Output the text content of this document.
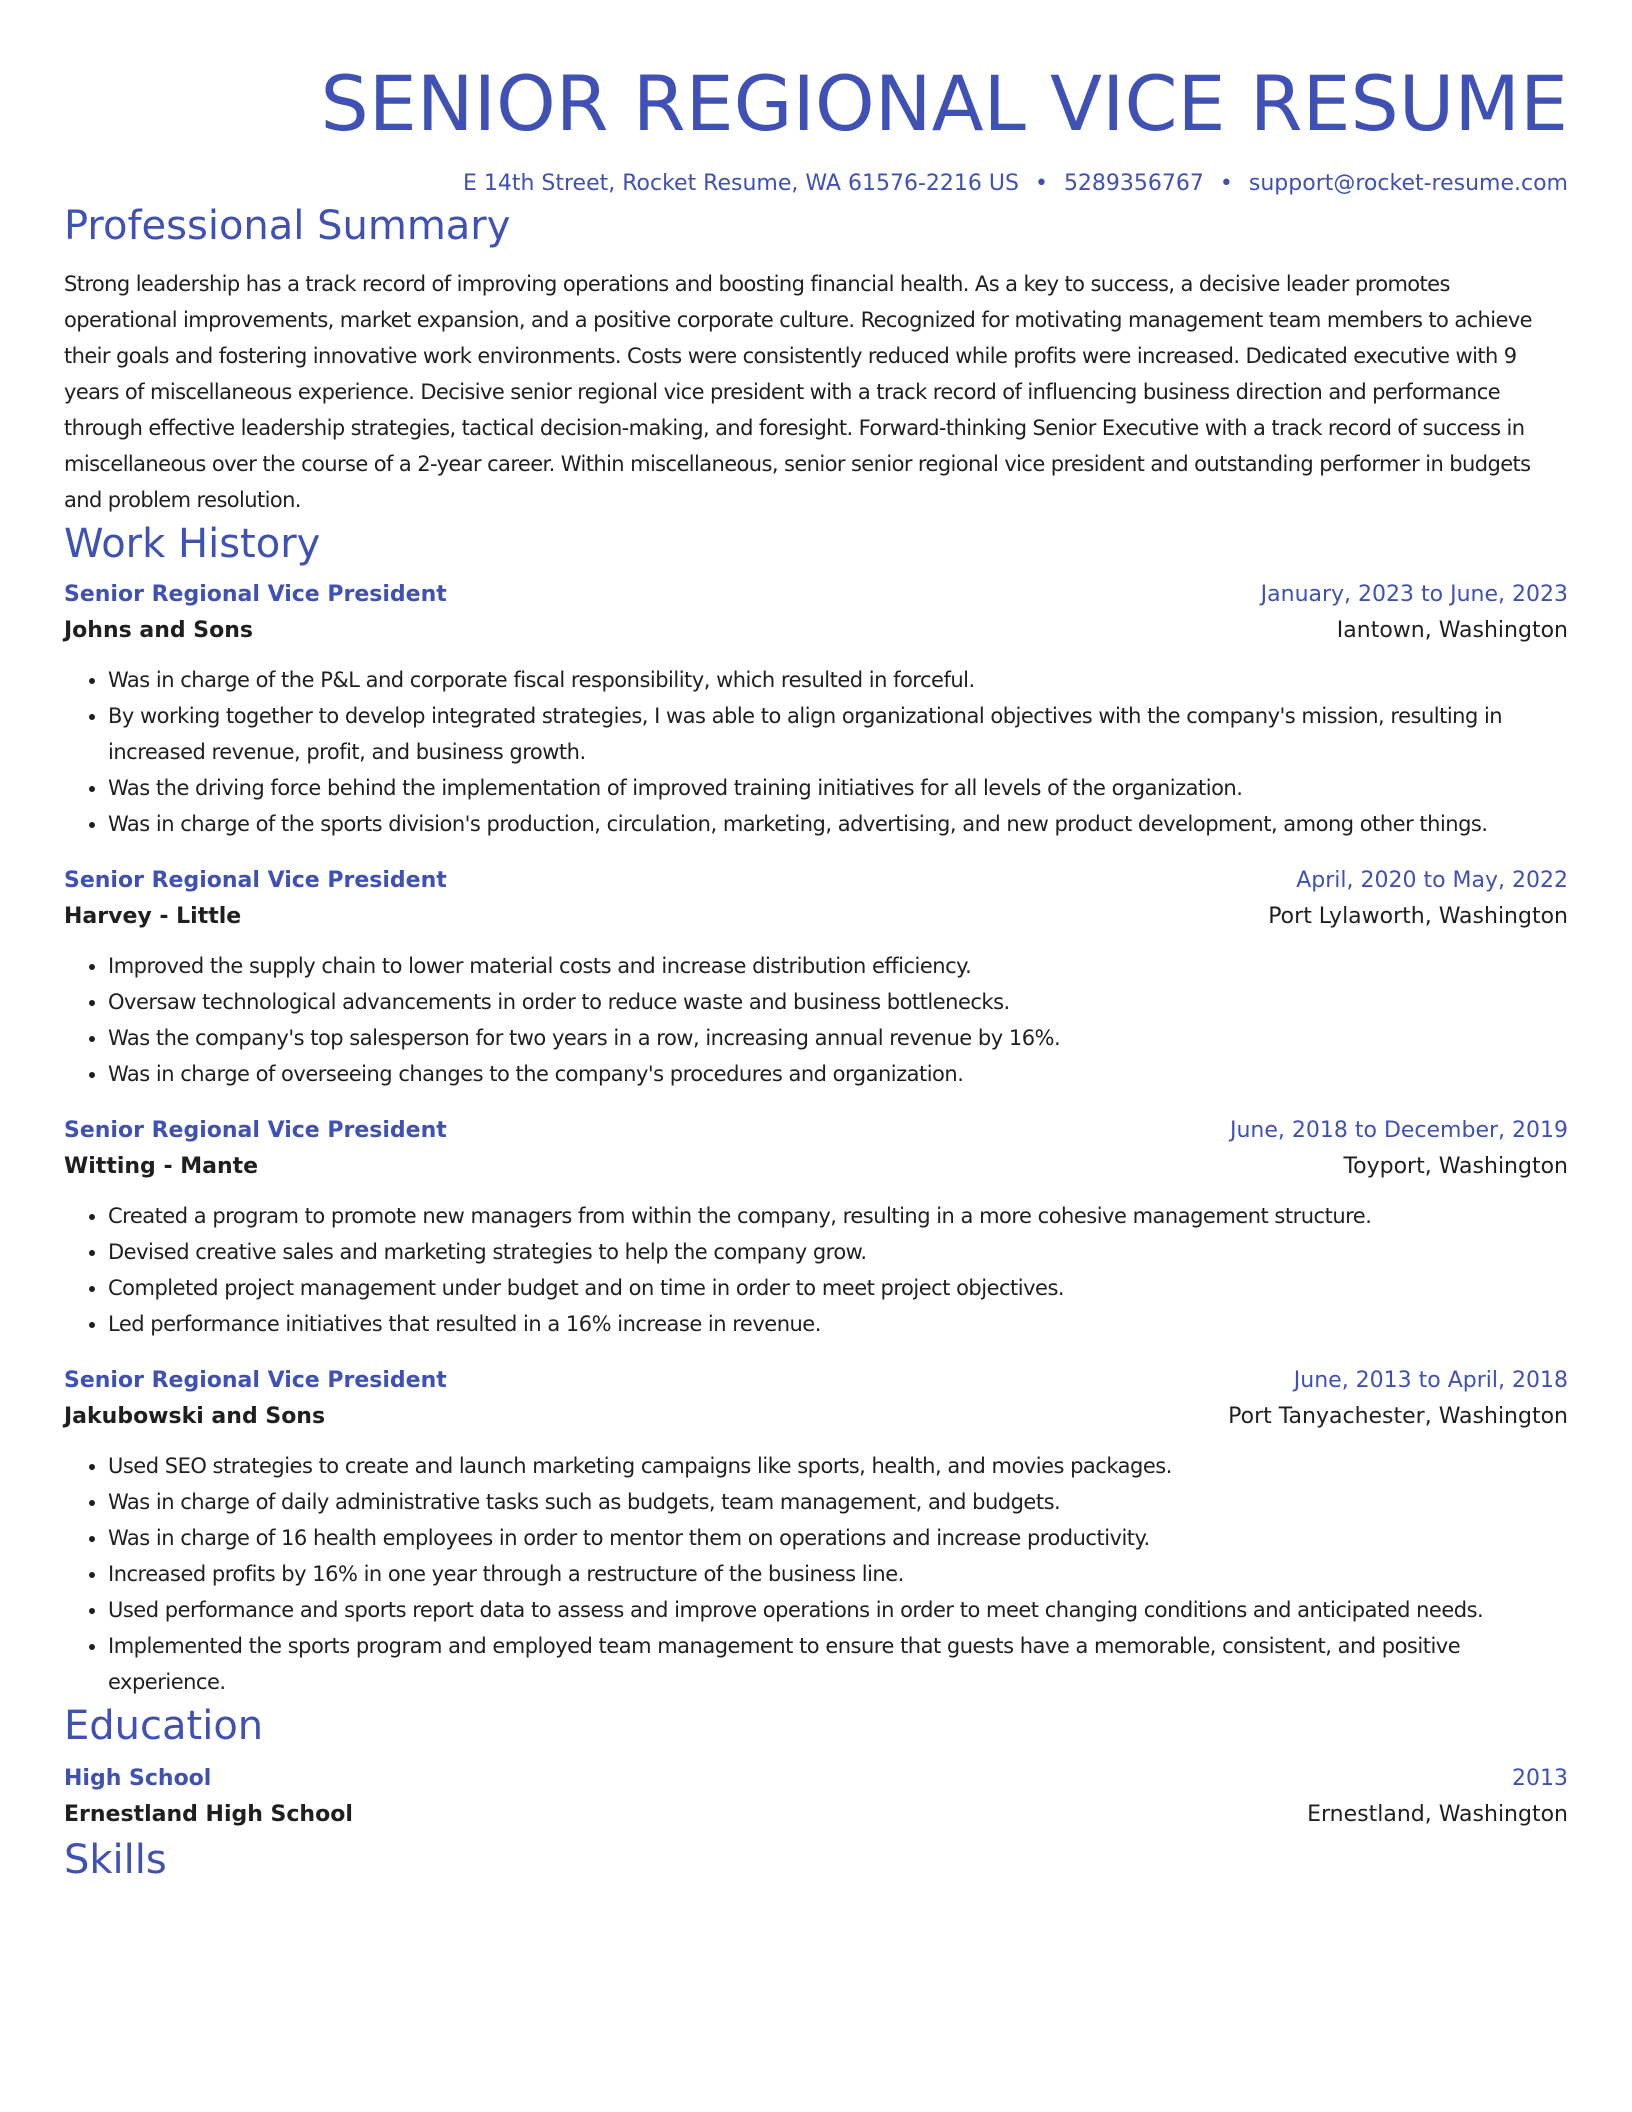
SENIOR REGIONAL VICE RESUME
E 14th Street, Rocket Resume, WA 61576-2216 US • 5289356767 • support@rocket-resume.com
Professional Summary

Strong leadership has a track record of improving operations and boosting financial health. As a key to success, a decisive leader promotes operational improvements, market expansion, and a positive corporate culture. Recognized for motivating management team members to achieve their goals and fostering innovative work environments. Costs were consistently reduced while profits were increased. Dedicated executive with 9 years of miscellaneous experience. Decisive senior regional vice president with a track record of influencing business direction and performance through effective leadership strategies, tactical decision-making, and foresight. Forward-thinking Senior Executive with a track record of success in miscellaneous over the course of a 2-year career. Within miscellaneous, senior senior regional vice president and outstanding performer in budgets and problem resolution.

Work History
Senior Regional Vice President	January, 2023 to June, 2023
Johns and Sons	Iantown, Washington
• Was in charge of the P&L and corporate fiscal responsibility, which resulted in forceful.
• By working together to develop integrated strategies, I was able to align organizational objectives with the company's mission, resulting in increased revenue, profit, and business growth.
• Was the driving force behind the implementation of improved training initiatives for all levels of the organization.
• Was in charge of the sports division's production, circulation, marketing, advertising, and new product development, among other things.
Senior Regional Vice President	April, 2020 to May, 2022
Harvey - Little	Port Lylaworth, Washington
• Improved the supply chain to lower material costs and increase distribution efficiency.
• Oversaw technological advancements in order to reduce waste and business bottlenecks.
• Was the company's top salesperson for two years in a row, increasing annual revenue by 16%.
• Was in charge of overseeing changes to the company's procedures and organization.
Senior Regional Vice President	June, 2018 to December, 2019
Witting - Mante	Toyport, Washington
• Created a program to promote new managers from within the company, resulting in a more cohesive management structure.
• Devised creative sales and marketing strategies to help the company grow.
• Completed project management under budget and on time in order to meet project objectives.
• Led performance initiatives that resulted in a 16% increase in revenue.
Senior Regional Vice President	June, 2013 to April, 2018
Jakubowski and Sons	Port Tanyachester, Washington
• Used SEO strategies to create and launch marketing campaigns like sports, health, and movies packages.
• Was in charge of daily administrative tasks such as budgets, team management, and budgets.
• Was in charge of 16 health employees in order to mentor them on operations and increase productivity.
• Increased profits by 16% in one year through a restructure of the business line.
• Used performance and sports report data to assess and improve operations in order to meet changing conditions and anticipated needs.
• Implemented the sports program and employed team management to ensure that guests have a memorable, consistent, and positive experience.
Education
High School	2013
Ernestland High School	Ernestland, Washington
Skills
